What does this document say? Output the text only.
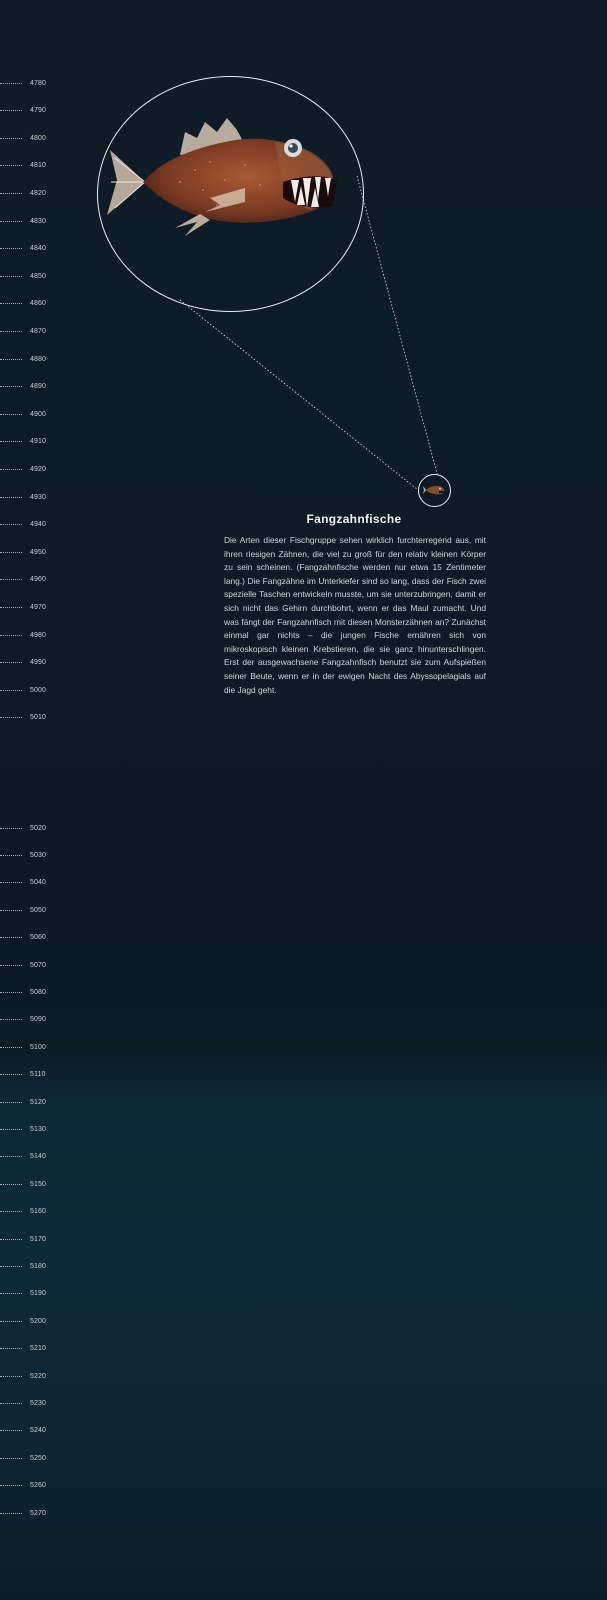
4780
4790
4800
4810
4820
4830
4840
4850
4860
4870
4880
4890
4900
4910
4920
4930
4940
4950
4960
4970
4980
4990
5000
5010
5020
5030
5040
5050
5060
5070
5080
5090
5100
5110
5120
5130
5140
5150
5160
5170
5180
5190
5200
5210
5220
5230
5240
5250
5260
5270
Fangzahnfische
Die Arten dieser Fischgruppe sehen wirklich furchterregend aus, mit ihren riesigen Zähnen, die viel zu groß für den relativ kleinen Körper zu sein scheinen. (Fangzahnfische werden nur etwa 15 Zentimeter lang.) Die Fangzähne im Unterkiefer sind so lang, dass der Fisch zwei spezielle Taschen entwickeln musste, um sie unterzubringen, damit er sich nicht das Gehirn durchbohrt, wenn er das Maul zumacht. Und was fängt der Fangzahnfisch mit diesen Monsterzähnen an? Zunächst einmal gar nichts – die jungen Fische ernähren sich von mikroskopisch kleinen Krebstieren, die sie ganz hinunterschlingen. Erst der ausgewachsene Fangzahnfisch benutzt sie zum Aufspießen seiner Beute, wenn er in der ewigen Nacht des Abyssopelagials auf die Jagd geht.
